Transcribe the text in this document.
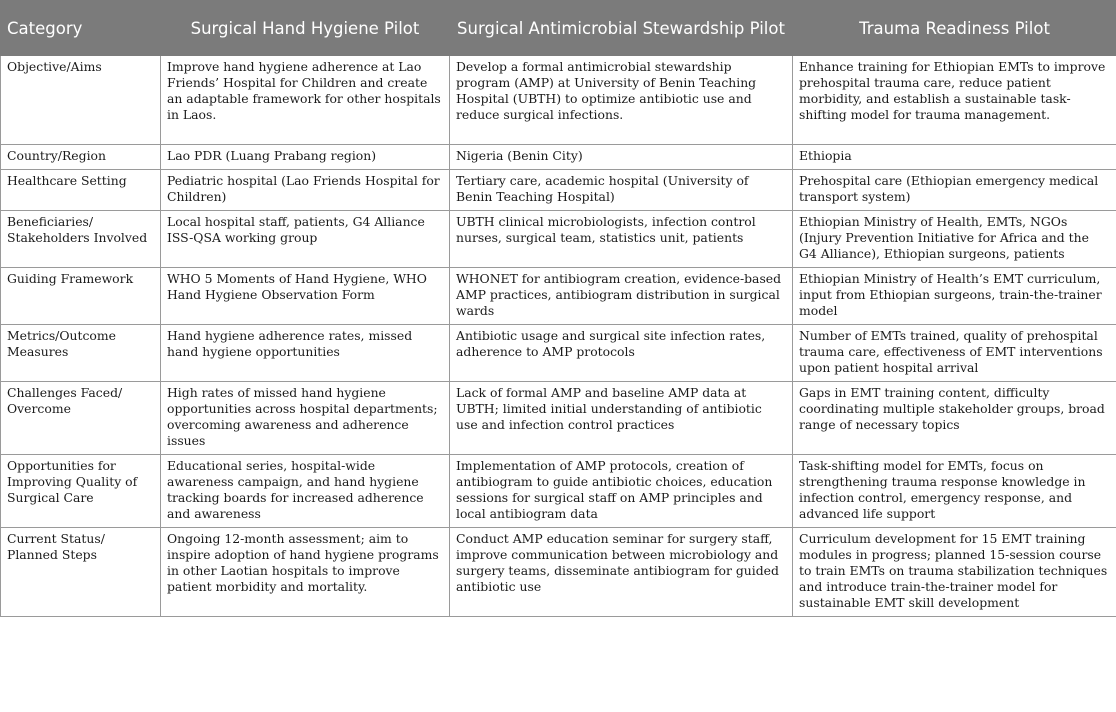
Category	Surgical Hand Hygiene Pilot	Surgical Antimicrobial Stewardship Pilot	Trauma Readiness Pilot
Objective/Aims	Improve hand hygiene adherence at Lao Friends’ Hospital for Children and create an adaptable framework for other hospitals in Laos.	Develop a formal antimicrobial stewardship program (AMP) at University of Benin Teaching Hospital (UBTH) to optimize antibiotic use and reduce surgical infections.	Enhance training for Ethiopian EMTs to improve prehospital trauma care, reduce patient morbidity, and establish a sustainable task-shifting model for trauma management.
Country/Region	Lao PDR (Luang Prabang region)	Nigeria (Benin City)	Ethiopia
Healthcare Setting	Pediatric hospital (Lao Friends Hospital for Children)	Tertiary care, academic hospital (University of Benin Teaching Hospital)	Prehospital care (Ethiopian emergency medical transport system)
Beneficiaries/ Stakeholders Involved	Local hospital staff, patients, G4 Alliance ISS-QSA working group	UBTH clinical microbiologists, infection control nurses, surgical team, statistics unit, patients	Ethiopian Ministry of Health, EMTs, NGOs (Injury Prevention Initiative for Africa and the G4 Alliance), Ethiopian surgeons, patients
Guiding Framework	WHO 5 Moments of Hand Hygiene, WHO Hand Hygiene Observation Form	WHONET for antibiogram creation, evidence-based AMP practices, antibiogram distribution in surgical wards	Ethiopian Ministry of Health’s EMT curriculum, input from Ethiopian surgeons, train-the-trainer model
Metrics/Outcome Measures	Hand hygiene adherence rates, missed hand hygiene opportunities	Antibiotic usage and surgical site infection rates, adherence to AMP protocols	Number of EMTs trained, quality of prehospital trauma care, effectiveness of EMT interventions upon patient hospital arrival
Challenges Faced/ Overcome	High rates of missed hand hygiene opportunities across hospital departments; overcoming awareness and adherence issues	Lack of formal AMP and baseline AMP data at UBTH; limited initial understanding of antibiotic use and infection control practices	Gaps in EMT training content, difficulty coordinating multiple stakeholder groups, broad range of necessary topics
Opportunities for Improving Quality of Surgical Care	Educational series, hospital-wide awareness campaign, and hand hygiene tracking boards for increased adherence and awareness	Implementation of AMP protocols, creation of antibiogram to guide antibiotic choices, education sessions for surgical staff on AMP principles and local antibiogram data	Task-shifting model for EMTs, focus on strengthening trauma response knowledge in infection control, emergency response, and advanced life support
Current Status/ Planned Steps	Ongoing 12-month assessment; aim to inspire adoption of hand hygiene programs in other Laotian hospitals to improve patient morbidity and mortality.	Conduct AMP education seminar for surgery staff, improve communication between microbiology and surgery teams, disseminate antibiogram for guided antibiotic use	Curriculum development for 15 EMT training modules in progress; planned 15-session course to train EMTs on trauma stabilization techniques and introduce train-the-trainer model for sustainable EMT skill development
